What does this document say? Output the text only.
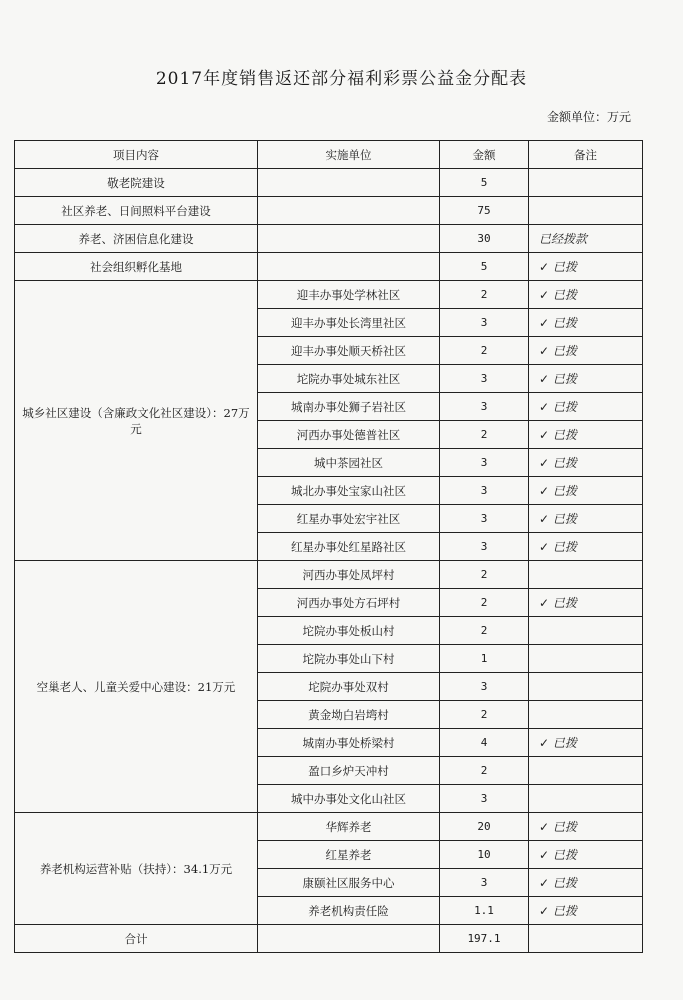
2017年度销售返还部分福利彩票公益金分配表
金额单位：万元
项目内容	实施单位	金额	备注
敬老院建设		5	
社区养老、日间照料平台建设		75	
养老、济困信息化建设		30	已经拨款
社会组织孵化基地		5	✓ 已拨
城乡社区建设（含廉政文化社区建设）：27万元	迎丰办事处学林社区	2	✓ 已拨
	迎丰办事处长湾里社区	3	✓ 已拨
	迎丰办事处顺天桥社区	2	✓ 已拨
	坨院办事处城东社区	3	✓ 已拨
	城南办事处狮子岩社区	3	✓ 已拨
	河西办事处德普社区	2	✓ 已拨
	城中茶园社区	3	✓ 已拨
	城北办事处宝家山社区	3	✓ 已拨
	红星办事处宏宇社区	3	✓ 已拨
	红星办事处红星路社区	3	✓ 已拨
空巢老人、儿童关爱中心建设：21万元	河西办事处凤坪村	2	
	河西办事处方石坪村	2	✓ 已拨
	坨院办事处板山村	2	
	坨院办事处山下村	1	
	坨院办事处双村	3	
	黄金坳白岩塆村	2	
	城南办事处桥梁村	4	✓ 已拨
	盈口乡炉天冲村	2	
	城中办事处文化山社区	3	
养老机构运营补贴（扶持）：34.1万元	华辉养老	20	✓ 已拨
	红星养老	10	✓ 已拨
	康颐社区服务中心	3	✓ 已拨
	养老机构责任险	1.1	✓ 已拨
合计		197.1	
